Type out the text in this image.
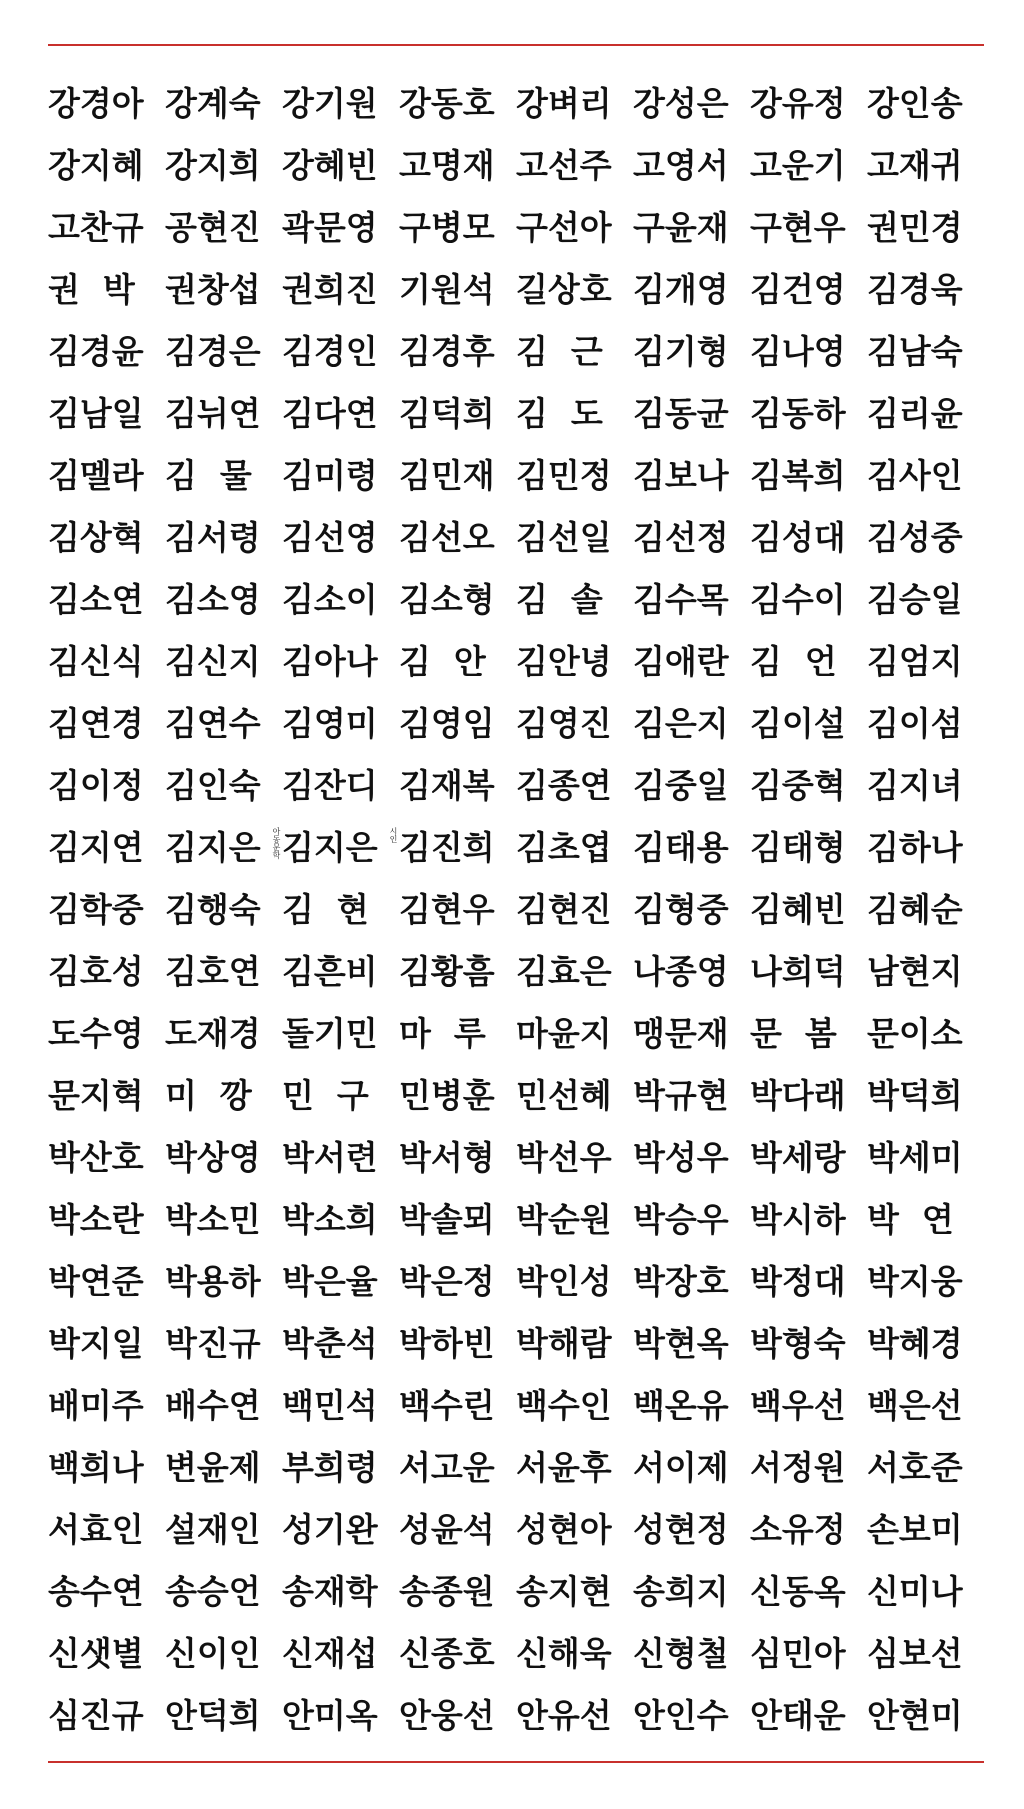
강경아 강계숙 강기원 강동호 강벼리 강성은 강유정 강인송
강지혜 강지희 강혜빈 고명재 고선주 고영서 고운기 고재귀
고찬규 공현진 곽문영 구병모 구선아 구윤재 구현우 권민경
권  박 권창섭 권희진 기원석 길상호 김개영 김건영 김경욱
김경윤 김경은 김경인 김경후 김  근 김기형 김나영 김남숙
김남일 김뉘연 김다연 김덕희 김  도 김동균 김동하 김리윤
김멜라 김  물 김미령 김민재 김민정 김보나 김복희 김사인
김상혁 김서령 김선영 김선오 김선일 김선정 김성대 김성중
김소연 김소영 김소이 김소형 김  솔 김수목 김수이 김승일
김신식 김신지 김아나 김  안 김안녕 김애란 김  언 김엄지
김연경 김연수 김영미 김영임 김영진 김은지 김이설 김이섬
김이정 김인숙 김잔디 김재복 김종연 김중일 김중혁 김지녀
김지연 김지은 아동문학 김지은 시인 김진희 김초엽 김태용 김태형 김하나
김학중 김행숙 김  현 김현우 김현진 김형중 김혜빈 김혜순
김호성 김호연 김흔비 김황흠 김효은 나종영 나희덕 남현지
도수영 도재경 돌기민 마  루 마윤지 맹문재 문  봄 문이소
문지혁 미  깡 민  구 민병훈 민선혜 박규현 박다래 박덕희
박산호 박상영 박서련 박서형 박선우 박성우 박세랑 박세미
박소란 박소민 박소희 박솔뫼 박순원 박승우 박시하 박  연
박연준 박용하 박은율 박은정 박인성 박장호 박정대 박지웅
박지일 박진규 박춘석 박하빈 박해람 박현옥 박형숙 박혜경
배미주 배수연 백민석 백수린 백수인 백온유 백우선 백은선
백희나 변윤제 부희령 서고운 서윤후 서이제 서정원 서호준
서효인 설재인 성기완 성윤석 성현아 성현정 소유정 손보미
송수연 송승언 송재학 송종원 송지현 송희지 신동옥 신미나
신샛별 신이인 신재섭 신종호 신해욱 신형철 심민아 심보선
심진규 안덕희 안미옥 안웅선 안유선 안인수 안태운 안현미
